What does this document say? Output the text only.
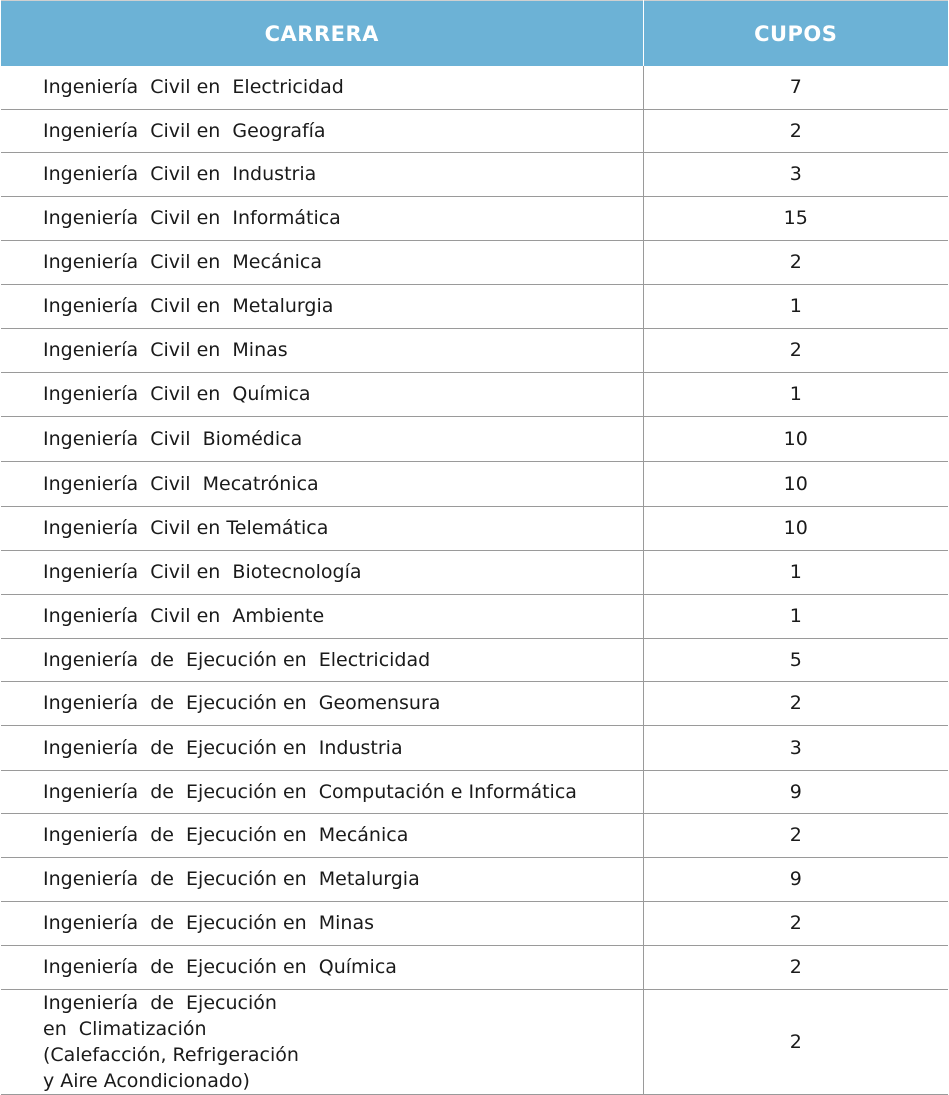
CARRERA	CUPOS
Ingeniería  Civil en  Electricidad	7
Ingeniería  Civil en  Geografía	2
Ingeniería  Civil en  Industria	3
Ingeniería  Civil en  Informática	15
Ingeniería  Civil en  Mecánica	2
Ingeniería  Civil en  Metalurgia	1
Ingeniería  Civil en  Minas	2
Ingeniería  Civil en  Química	1
Ingeniería  Civil  Biomédica	10
Ingeniería  Civil  Mecatrónica	10
Ingeniería  Civil en Telemática	10
Ingeniería  Civil en  Biotecnología	1
Ingeniería  Civil en  Ambiente	1
Ingeniería  de  Ejecución en  Electricidad	5
Ingeniería  de  Ejecución en  Geomensura	2
Ingeniería  de  Ejecución en  Industria	3
Ingeniería  de  Ejecución en  Computación e Informática	9
Ingeniería  de  Ejecución en  Mecánica	2
Ingeniería  de  Ejecución en  Metalurgia	9
Ingeniería  de  Ejecución en  Minas	2
Ingeniería  de  Ejecución en  Química	2
Ingeniería  de  Ejecución en  Climatización (Calefacción, Refrigeración y Aire Acondicionado)	2
